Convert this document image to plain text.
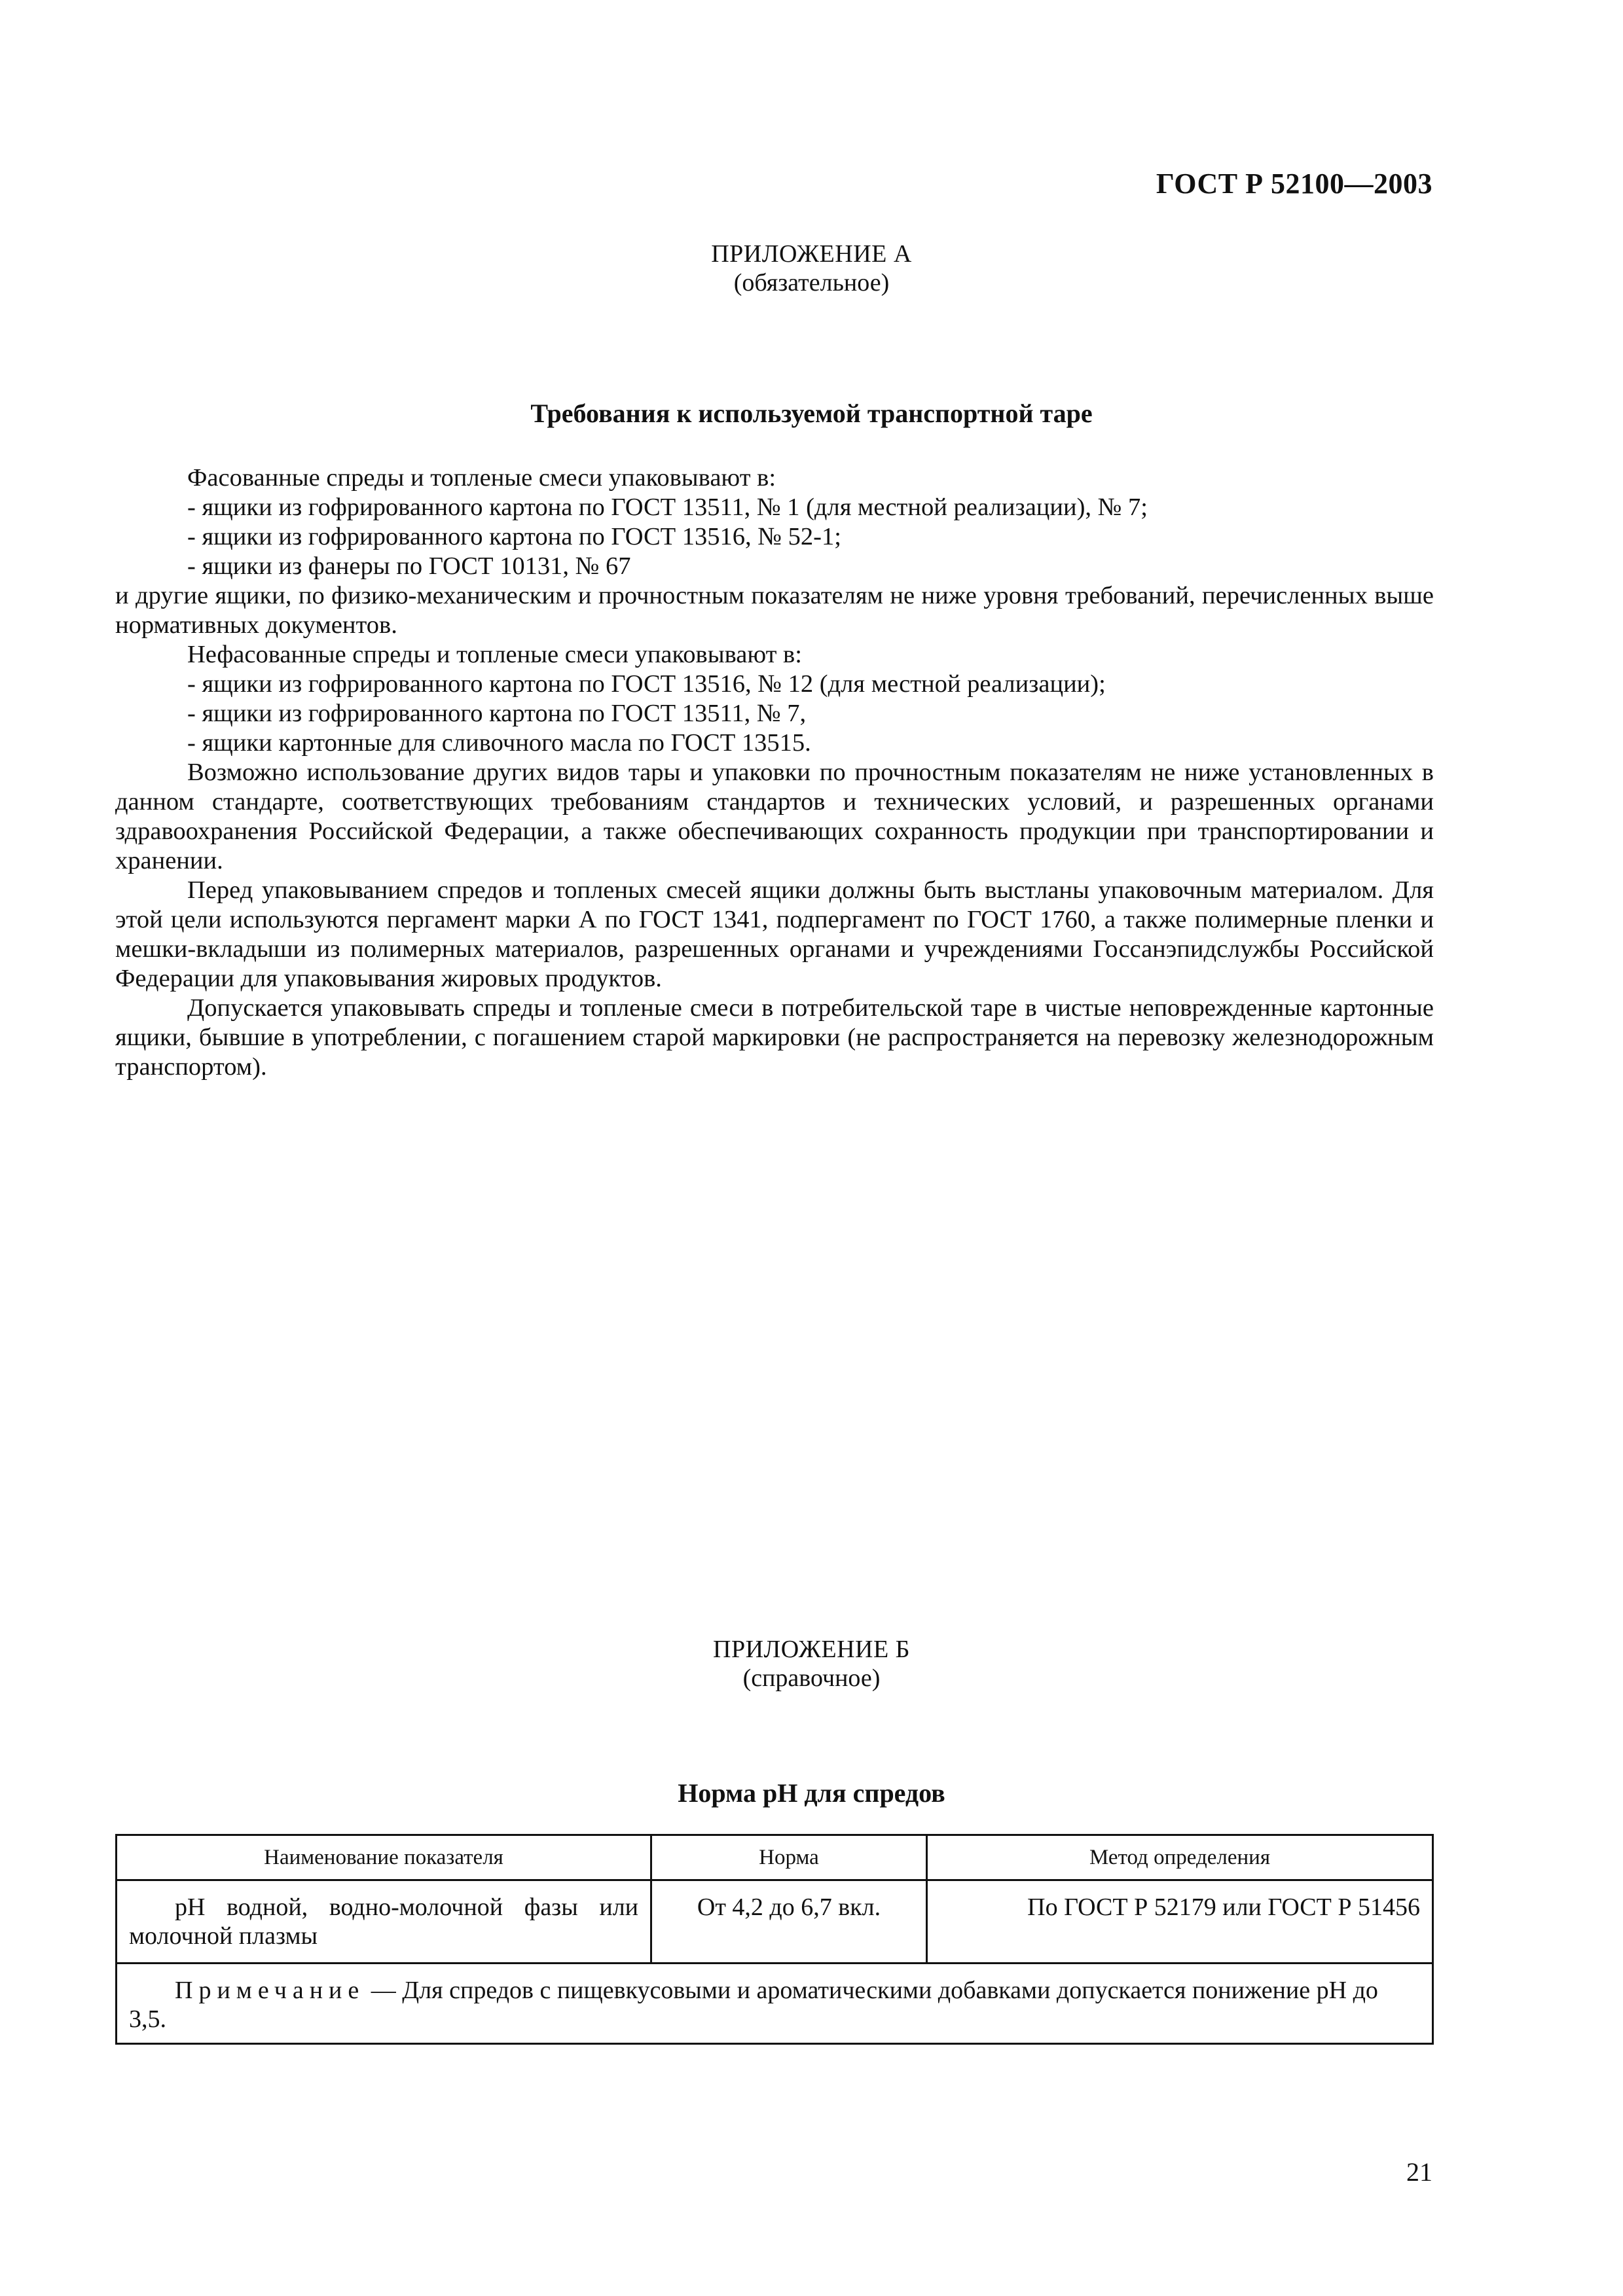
ГОСТ Р 52100—2003
ПРИЛОЖЕНИЕ А
(обязательное)
Требования к используемой транспортной таре

Фасованные спреды и топленые смеси упаковывают в:

- ящики из гофрированного картона по ГОСТ 13511, № 1 (для местной реализации), № 7;

- ящики из гофрированного картона по ГОСТ 13516, № 52-1;

- ящики из фанеры по ГОСТ 10131, № 67

и другие ящики, по физико-механическим и прочностным показателям не ниже уровня требований, перечисленных выше нормативных документов.

Нефасованные спреды и топленые смеси упаковывают в:

- ящики из гофрированного картона по ГОСТ 13516, № 12 (для местной реализации);

- ящики из гофрированного картона по ГОСТ 13511, № 7,

- ящики картонные для сливочного масла по ГОСТ 13515.

Возможно использование других видов тары и упаковки по прочностным показателям не ниже установленных в данном стандарте, соответствующих требованиям стандартов и технических условий, и разрешенных органами здравоохранения Российской Федерации, а также обеспечивающих сохранность продукции при транспортировании и хранении.

Перед упаковыванием спредов и топленых смесей ящики должны быть выстланы упаковочным материалом. Для этой цели используются пергамент марки А по ГОСТ 1341, подпергамент по ГОСТ 1760, а также полимерные пленки и мешки-вкладыши из полимерных материалов, разрешенных органами и учреждениями Госсанэпидслужбы Российской Федерации для упаковывания жировых продуктов.

Допускается упаковывать спреды и топленые смеси в потребительской таре в чистые неповрежденные картонные ящики, бывшие в употреблении, с погашением старой маркировки (не распространяется на перевозку железнодорожным транспортом).

ПРИЛОЖЕНИЕ Б
(справочное)
Норма pH для спредов
Наименование показателя	Норма	Метод определения
pH водной, водно-молочной фазы или молочной плазмы	От 4,2 до 6,7 вкл.	По ГОСТ Р 52179 или ГОСТ Р 51456
Примечание — Для спредов с пищевкусовыми и ароматическими добавками допускается понижение pH до 3,5.		
21
